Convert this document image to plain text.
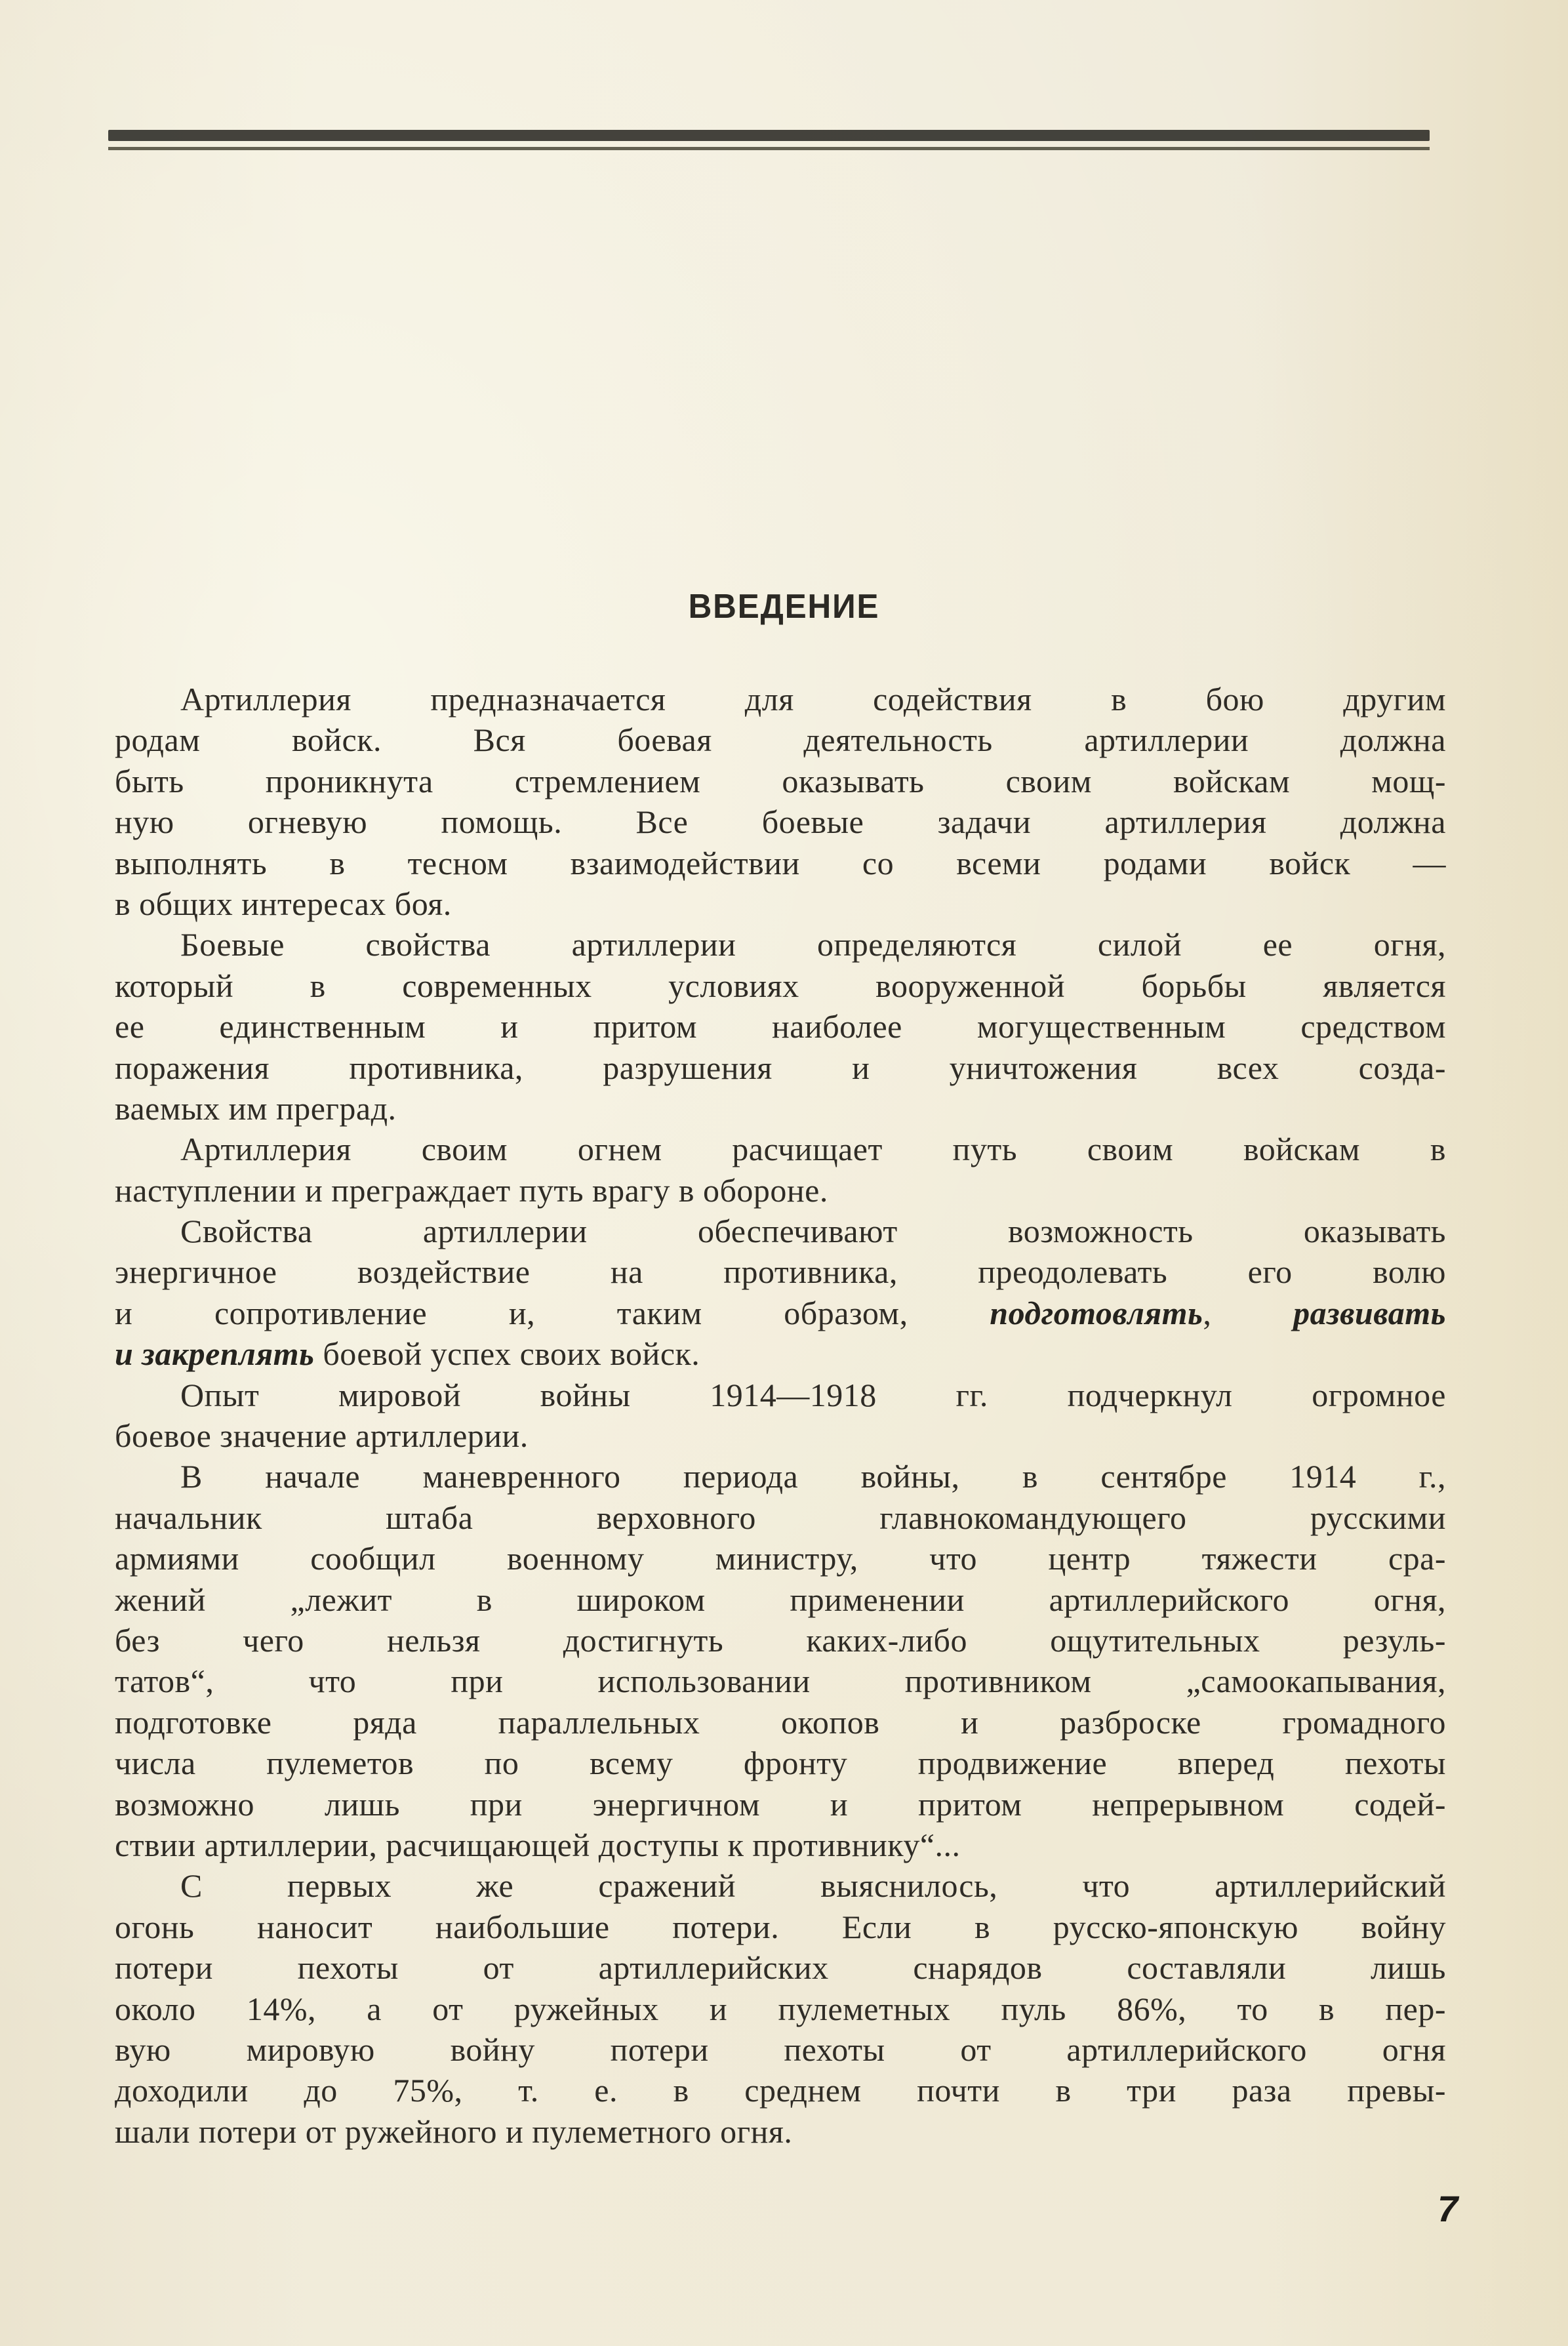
ВВЕДЕНИЕ
Артиллерия предназначается для содействия в бою другим
родам войск. Вся боевая деятельность артиллерии должна
быть проникнута стремлением оказывать своим войскам мощ-
ную огневую помощь. Все боевые задачи артиллерия должна
выполнять в тесном взаимодействии со всеми родами войск —
в общих интересах боя.
Боевые свойства артиллерии определяются силой ее огня,
который в современных условиях вооруженной борьбы является
ее единственным и притом наиболее могущественным средством
поражения противника, разрушения и уничтожения всех созда-
ваемых им преград.
Артиллерия своим огнем расчищает путь своим войскам в
наступлении и преграждает путь врагу в обороне.
Свойства артиллерии обеспечивают возможность оказывать
энергичное воздействие на противника, преодолевать его волю
и сопротивление и, таким образом, подготовлять, развивать
и закреплять боевой успех своих войск.
Опыт мировой войны 1914—1918 гг. подчеркнул огромное
боевое значение артиллерии.
В начале маневренного периода войны, в сентябре 1914 г.,
начальник штаба верховного главнокомандующего русскими
армиями сообщил военному министру, что центр тяжести сра-
жений „лежит в широком применении артиллерийского огня,
без чего нельзя достигнуть каких-либо ощутительных резуль-
татов“, что при использовании противником „самоокапывания,
подготовке ряда параллельных окопов и разброске громадного
числа пулеметов по всему фронту продвижение вперед пехоты
возможно лишь при энергичном и притом непрерывном содей-
ствии артиллерии, расчищающей доступы к противнику“...
С первых же сражений выяснилось, что артиллерийский
огонь наносит наибольшие потери. Если в русско-японскую войну
потери пехоты от артиллерийских снарядов составляли лишь
около 14%, а от ружейных и пулеметных пуль 86%, то в пер-
вую мировую войну потери пехоты от артиллерийского огня
доходили до 75%, т. е. в среднем почти в три раза превы-
шали потери от ружейного и пулеметного огня.
7
